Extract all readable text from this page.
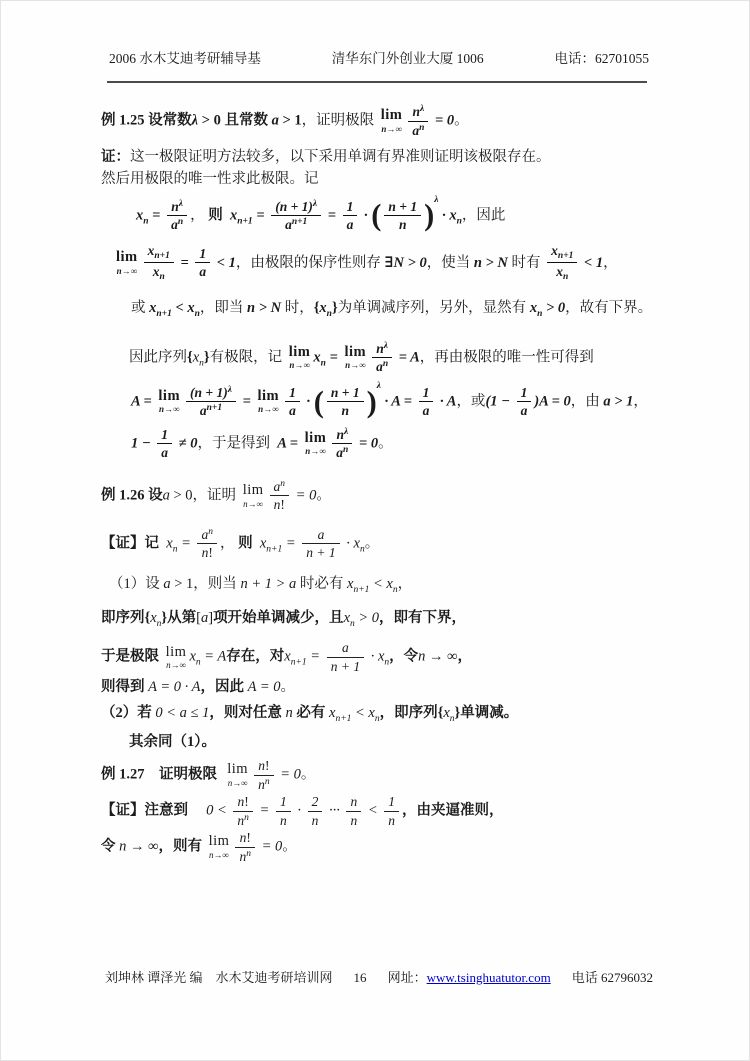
2006 水木艾迪考研辅导基	清华东门外创业大厦 1006	电话：62701055
例 1.25 设常数λ > 0 且常数 a > 1，证明极限 lim
$n\to\infty \frac{n^\lambda}{a^n} = 0$。
证：这一极限证明方法较多，以下采用单调有界准则证明该极限存在。
然后用极限的唯一性求此极限。记
$x_n = \frac{n^\lambda}{a^n}$ ， 则 $x_{n+1} = \frac{(n + 1)^\lambda}{a^{n+1}} = \frac{1}{a}$ · ( $\frac{n + 1}{n}$ ) λ
· $x_n$，因此
lim
$n\to\infty \frac{x_{n+1}}{x_n} = \frac{1}{a} < 1$，由极限的保序性则存 ∃N > 0，使当 n > N 时有 $\frac{x_{n+1}}{x_n} < 1$，
或 $x_{n+1} < x_n$，即当 n > N 时，$\{x_n\}$为单调减序列，另外，显然有 $x_n > 0$，故有下界。
因此序列$\{x_n\}$有极限，记 lim
n→∞
$x_n = \lim$
$n\to\infty \frac{n^\lambda}{a^n} = A$，再由极限的唯一性可得到
A = lim
$n\to\infty \frac{(n + 1)^\lambda}{a^{n+1}} = \lim$
$n\to\infty \frac{1}{a}$ · ( $\frac{n + 1}{n}$ ) λ
· $A = \frac{1}{a} \cdot A$，或$(1 - \frac{1}{a} )A = 0$，由 a > 1，
$1 - \frac{1}{a} \ne 0$，于是得到  A = lim
$n\to\infty \frac{n^\lambda}{a^n} = 0$。
例 1.26 设a > 0，证明 lim
$n\to\infty \frac{a^n}{n!} = 0$。
【证】记  $x_n = \frac{a^n}{n!}$ ， 则 $x_{n+1} = \frac{a}{n + 1} \cdot x_n$。
（1）设 a > 1，则当 n + 1 > a 时必有 $x_{n+1} < x_n$，
即序列$\{x_n\}$从第[a]项开始单调减少，且$x_n > 0$，即有下界，
于是极限 lim
n→∞
$x_n = A$存在，对$x_{n+1} = \frac{a}{n + 1} \cdot x_n$，令n → ∞，
则得到 A = 0 · A，因此 A = 0。
（2）若 0 < a ≤ 1，则对任意 n 必有 $x_{n+1} < x_n$，即序列$\{x_n\}$单调减。
其余同（1）。
例 1.27　证明极限 lim
$n\to\infty \frac{n!}{n^n} = 0$。
【证】注意到　 $0 < \frac{n!}{n^n} = \frac{1}{n} \cdot \frac{2}{n}$ ··· $\frac{n}{n} < \frac{1}{n}$ ，由夹逼准则，
令 n → ∞，则有 lim
$n\to\infty \frac{n!}{n^n} = 0$。
刘坤林 谭泽光 编　水木艾迪考研培训网 16 网址：www.tsinghuatutor.com 电话 62796032
